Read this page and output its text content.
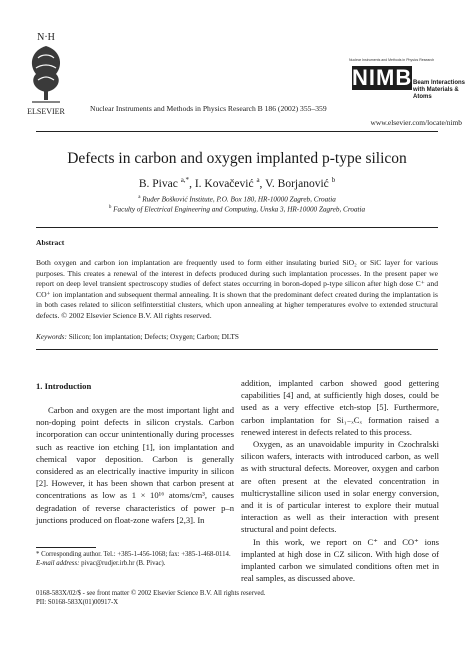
N·H
ELSEVIER	Nuclear Instruments and Methods in Physics Research B 186 (2002) 355–359
Nuclear Instruments and Methods in Physics Research
NIMB Beam Interactions
with Materials & Atoms
www.elsevier.com/locate/nimb
Defects in carbon and oxygen implanted p-type silicon
B. Pivac $^{a,*}$, I. Kovačević $^a$, V. Borjanović $^b$
$^a$ Ruđer Bošković Institute, P.O. Box 180, HR-10000 Zagreb, Croatia
$^b$ Faculty of Electrical Engineering and Computing, Unska 3, HR-10000 Zagreb, Croatia
Abstract
Both oxygen and carbon ion implantation are frequently used to form either insulating buried SiO₂ or SiC layer for various purposes. This creates a renewal of the interest in defects produced during such implantation processes. In the present paper we report on deep level transient spectroscopy studies of defect states occurring in boron-doped p-type silicon after high dose C⁺ and CO⁺ ion implantation and subsequent thermal annealing. It is shown that the predominant defect created during the implantation is in both cases related to silicon selfinterstitial clusters, which upon annealing at higher temperatures evolve to extended structural defects. © 2002 Elsevier Science B.V. All rights reserved.
Keywords: Silicon; Ion implantation; Defects; Oxygen; Carbon; DLTS
1. Introduction

Carbon and oxygen are the most important light and non-doping point defects in silicon crystals. Carbon incorporation can occur unintentionally during processes such as reactive ion etching [1], ion implantation and chemical vapor deposition. Carbon is generally considered as an electrically inactive impurity in silicon [2]. However, it has been shown that carbon present at concentrations as low as 1 × 10¹⁶ atoms/cm³, causes degradation of reverse characteristics of power p–n junctions produced on float-zone wafers [2,3]. In

addition, implanted carbon showed good gettering capabilities [4] and, at sufficiently high doses, could be used as a very effective etch-stop [5]. Furthermore, carbon implantation for Si₁₋ₓCₓ formation raised a renewed interest in defects related to this process.

Oxygen, as an unavoidable impurity in Czochralski silicon wafers, interacts with introduced carbon, as well as with structural defects. Moreover, oxygen and carbon are often present at the elevated concentration in multicrystalline silicon used in solar energy conversion, and it is of particular interest to explore their mutual interaction as well as their interaction with present structural and point defects.

In this work, we report on C⁺ and CO⁺ ions implanted at high dose in CZ silicon. With high dose of implanted carbon we simulated conditions often met in real samples, as discussed above.

* Corresponding author. Tel.: +385-1-456-1068; fax: +385-1-468-0114.
E-mail address: pivac@rudjer.irb.hr (B. Pivac).
0168-583X/02/$ - see front matter © 2002 Elsevier Science B.V. All rights reserved.
PII: S0168-583X(01)00917-X
